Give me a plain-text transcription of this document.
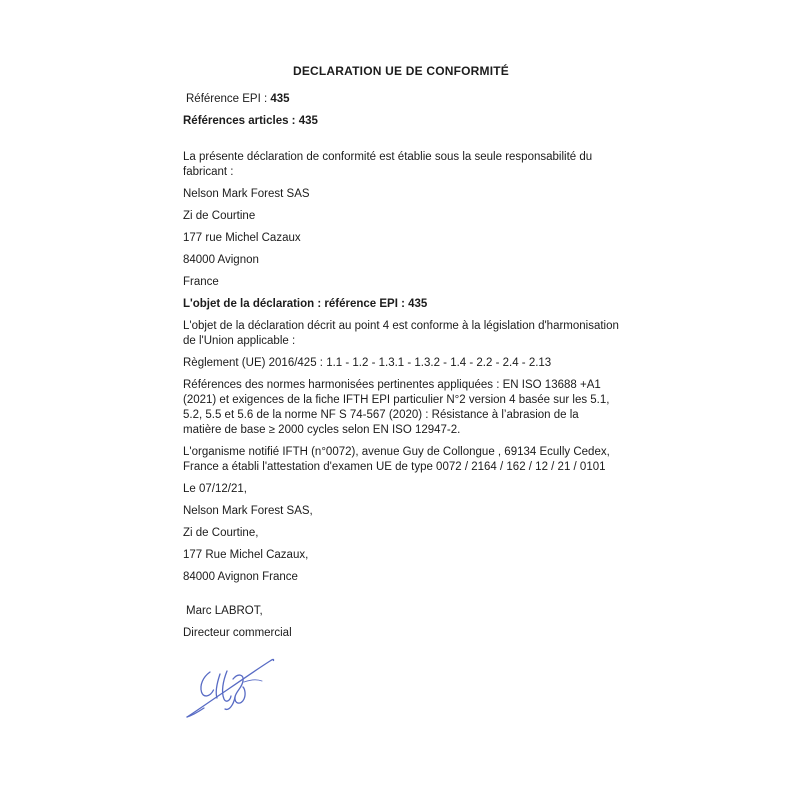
DECLARATION UE DE CONFORMITÉ

Référence EPI : 435

Références articles : 435

La présente déclaration de conformité est établie sous la seule responsabilité du fabricant :

Nelson Mark Forest SAS

Zi de Courtine

177 rue Michel Cazaux

84000 Avignon

France

L'objet de la déclaration : référence EPI : 435

L'objet de la déclaration décrit au point 4 est conforme à la législation d'harmonisation de l'Union applicable :

Règlement (UE) 2016/425 : 1.1 - 1.2 - 1.3.1 - 1.3.2 - 1.4 - 2.2 - 2.4 - 2.13

Références des normes harmonisées pertinentes appliquées : EN ISO 13688 +A1 (2021) et exigences de la fiche IFTH EPI particulier N°2 version 4 basée sur les 5.1, 5.2, 5.5 et 5.6 de la norme NF S 74-567 (2020) : Résistance à l’abrasion de la matière de base ≥ 2000 cycles selon EN ISO 12947-2.

L'organisme notifié IFTH (n°0072), avenue Guy de Collongue , 69134 Ecully Cedex, France a établi l'attestation d'examen UE de type 0072 / 2164 / 162 / 12 / 21 / 0101

Le 07/12/21,

Nelson Mark Forest SAS,

Zi de Courtine,

177 Rue Michel Cazaux,

84000 Avignon France

Marc LABROT,

Directeur commercial
